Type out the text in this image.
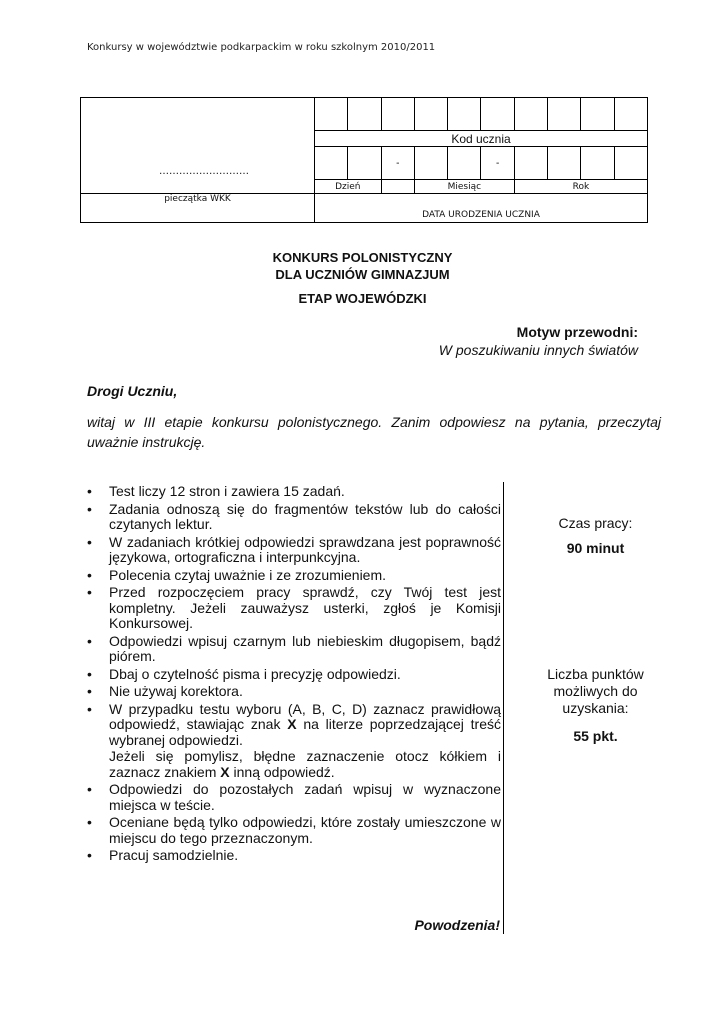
Konkursy w województwie podkarpackim w roku szkolnym 2010/2011
………………………										

	Kod ucznia									
			-			-				
	Dzień			Miesiąc			Rok			
pieczątka WKK	DATA URODZENIA UCZNIA									
KONKURS POLONISTYCZNY
DLA UCZNIÓW GIMNAZJUM
ETAP WOJEWÓDZKI
Motyw przewodni:
W poszukiwaniu innych światów
Drogi Uczniu,
witaj w III etapie konkursu polonistycznego. Zanim odpowiesz na pytania, przeczytaj uważnie instrukcję.
• Test liczy 12 stron i zawiera 15 zadań.
• Zadania odnoszą się do fragmentów tekstów lub do całości czytanych lektur.
• W zadaniach krótkiej odpowiedzi sprawdzana jest poprawność językowa, ortograficzna i interpunkcyjna.
• Polecenia czytaj uważnie i ze zrozumieniem.
• Przed rozpoczęciem pracy sprawdź, czy Twój test jest kompletny. Jeżeli zauważysz usterki, zgłoś je Komisji Konkursowej.
• Odpowiedzi wpisuj czarnym lub niebieskim długopisem, bądź piórem.
• Dbaj o czytelność pisma i precyzję odpowiedzi.
• Nie używaj korektora.
• W przypadku testu wyboru (A, B, C, D) zaznacz prawidłową odpowiedź, stawiając znak X na literze poprzedzającej treść wybranej odpowiedzi.
Jeżeli się pomylisz, błędne zaznaczenie otocz kółkiem i zaznacz znakiem X inną odpowiedź.
• Odpowiedzi do pozostałych zadań wpisuj w wyznaczone miejsca w teście.
• Oceniane będą tylko odpowiedzi, które zostały umieszczone w miejscu do tego przeznaczonym.
• Pracuj samodzielnie.
Czas pracy:
90 minut
Liczba punktów
możliwych do
uzyskania:
55 pkt.
Powodzenia!
